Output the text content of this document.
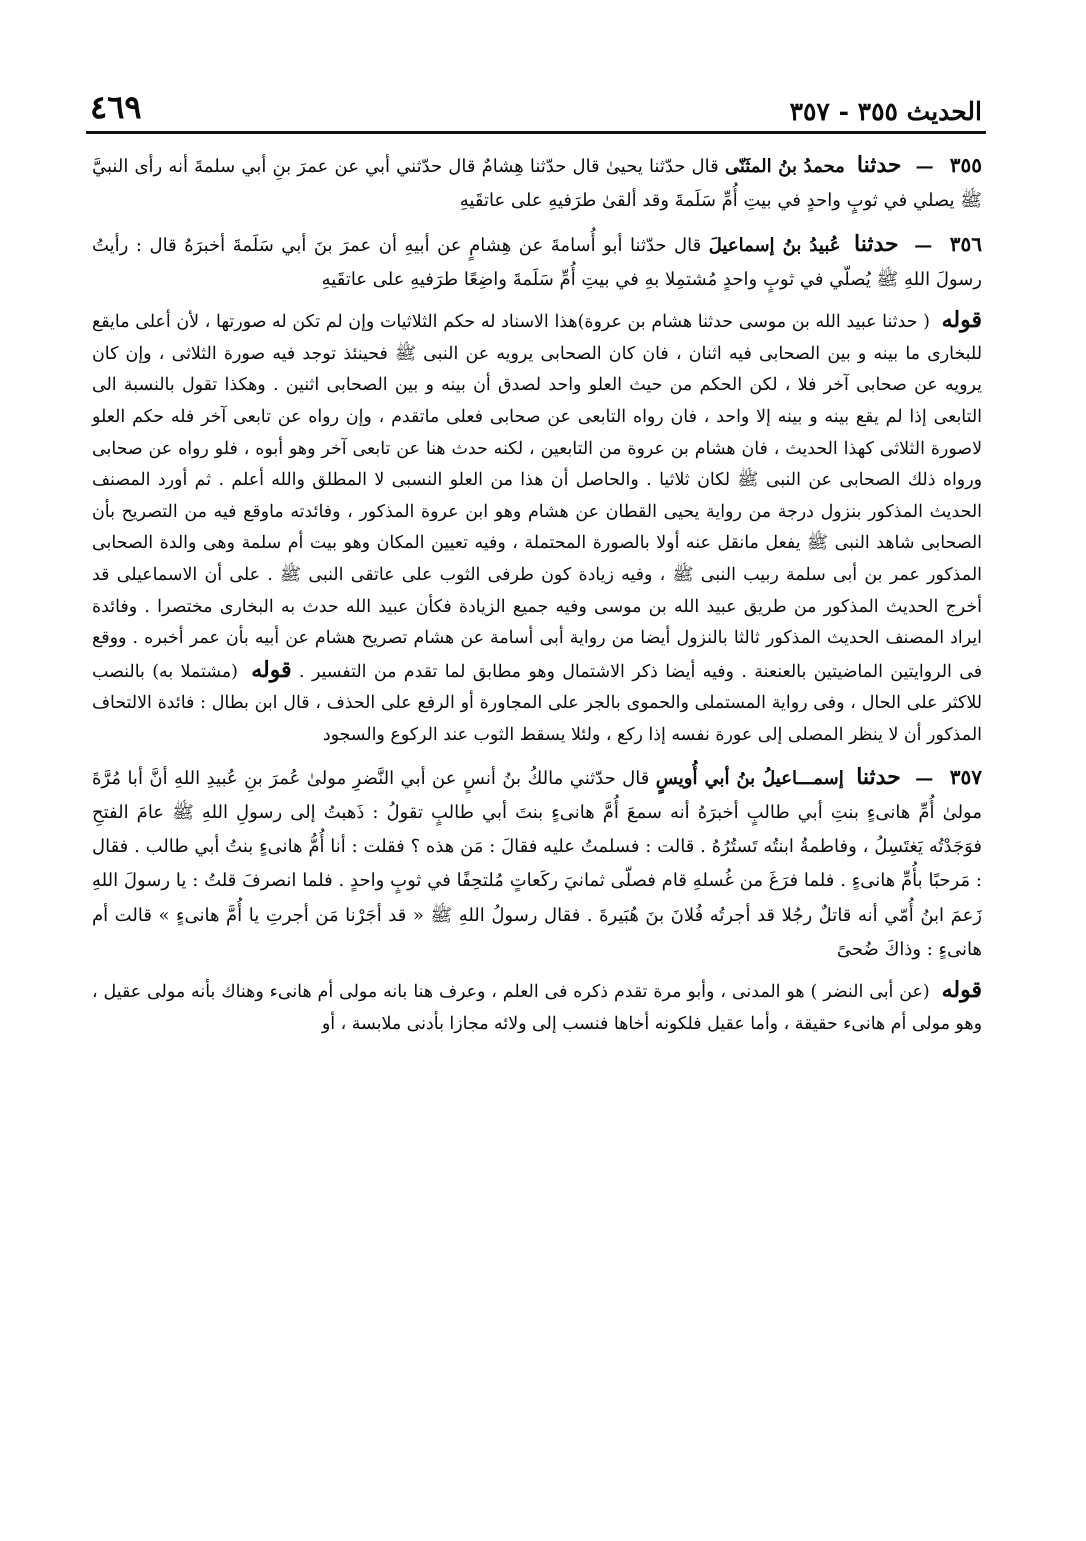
٤٦٩	الحديث ٣٥٥ - ٣٥٧

٣٥٥ — حدثنا محمدُ بنُ المثَنّى قال حدّثنا يحيىٰ قال حدّثنا هِشامٌ قال حدّثني أبي عن عمرَ بنِ أبي سلمةَ أنه رأى النبيَّ ﷺ يصلي في ثوبٍ واحدٍ في بيتِ أُمِّ سَلَمةَ وقد ألقىٰ طرَفيهِ على عاتقَيهِ

٣٥٦ — حدثنا عُبيدُ بنُ إسماعيلَ قال حدّثنا أبو أُسامةَ عن هِشامٍ عن أبيهِ أن عمرَ بنَ أبي سَلَمةَ أخبرَهُ قال : رأيتُ رسولَ اللهِ ﷺ يُصلّي في ثوبٍ واحدٍ مُشتمِلا بهِ في بيتِ أُمِّ سَلَمةَ واضِعًا طرَفيهِ على عاتقَيهِ

قوله ( حدثنا عبيد الله بن موسى حدثنا هشام بن عروة)هذا الاسناد له حكم الثلاثيات وإن لم تكن له صورتها ، لأن أعلى مايقع للبخارى ما بينه و بين الصحابى فيه اثنان ، فان كان الصحابى يرويه عن النبى ﷺ فحينئذ توجد فيه صورة الثلاثى ، وإن كان يرويه عن صحابى آخر فلا ، لكن الحكم من حيث العلو واحد لصدق أن بينه و بين الصحابى اثنين . وهكذا تقول بالنسبة الى التابعى إذا لم يقع بينه و بينه إلا واحد ، فان رواه التابعى عن صحابى فعلى ماتقدم ، وإن رواه عن تابعى آخر فله حكم العلو لاصورة الثلاثى كهذا الحديث ، فان هشام بن عروة من التابعين ، لكنه حدث هنا عن تابعى آخر وهو أبوه ، فلو رواه عن صحابى ورواه ذلك الصحابى عن النبى ﷺ لكان ثلاثيا . والحاصل أن هذا من العلو النسبى لا المطلق والله أعلم . ثم أورد المصنف الحديث المذكور بنزول درجة من رواية يحيى القطان عن هشام وهو ابن عروة المذكور ، وفائدته ماوقع فيه من التصريح بأن الصحابى شاهد النبى ﷺ يفعل مانقل عنه أولا بالصورة المحتملة ، وفيه تعيين المكان وهو بيت أم سلمة وهى والدة الصحابى المذكور عمر بن أبى سلمة ربيب النبى ﷺ ، وفيه زيادة كون طرفى الثوب على عاتقى النبى ﷺ . على أن الاسماعيلى قد أخرج الحديث المذكور من طريق عبيد الله بن موسى وفيه جميع الزيادة فكأن عبيد الله حدث به البخارى مختصرا . وفائدة ايراد المصنف الحديث المذكور ثالثا بالنزول أيضا من رواية أبى أسامة عن هشام تصريح هشام عن أبيه بأن عمر أخبره . ووقع فى الروايتين الماضيتين بالعنعنة . وفيه أيضا ذكر الاشتمال وهو مطابق لما تقدم من التفسير . قوله (مشتملا به) بالنصب للاكثر على الحال ، وفى رواية المستملى والحموى بالجر على المجاورة أو الرفع على الحذف ، قال ابن بطال : فائدة الالتحاف المذكور أن لا ينظر المصلى إلى عورة نفسه إذا ركع ، ولئلا يسقط الثوب عند الركوع والسجود

٣٥٧ — حدثنا إسمـــاعيلُ بنُ أبي أُويسٍ قال حدّثني مالكُ بنُ أنسٍ عن أبي النَّضرِ مولىٰ عُمرَ بنِ عُبيدِ اللهِ أنَّ أبا مُرَّةَ مولىٰ أُمِّ هانىءٍ بنتِ أبي طالبٍ أخبرَهُ أنه سمعَ أُمَّ هانىءٍ بنتَ أبي طالبٍ تقولُ : ذَهبتُ إلى رسولِ اللهِ ﷺ عامَ الفتحِ فوَجَدْتُه يَغتَسِلُ ، وفاطمةُ ابنتُه تَستُرُهُ . قالت : فسلمتُ عليه فقالَ : مَن هذه ؟ فقلت : أنا أُمُّ هانىءٍ بنتُ أبي طالب . فقال : مَرحبًا بأُمِّ هانىءٍ . فلما فرَغَ من غُسلهِ قام فصلّى ثمانيَ ركَعاتٍ مُلتحِفًا في ثوبٍ واحدٍ . فلما انصرفَ قلتُ : يا رسولَ اللهِ زَعمَ ابنُ أُمّي أنه قاتلٌ رجُلا قد أجرتُه فُلانَ بنَ هُبَيرةَ . فقال رسولُ اللهِ ﷺ « قد أجَرْنا مَن أجرتِ يا أُمَّ هانىءٍ » قالت أم هانىءٍ : وذاكَ ضُحىً

قوله (عن أبى النضر ) هو المدنى ، وأبو مرة تقدم ذكره فى العلم ، وعرف هنا بانه مولى أم هانىء وهناك بأنه مولى عقيل ، وهو مولى أم هانىء حقيقة ، وأما عقيل فلكونه أخاها فنسب إلى ولائه مجازا بأدنى ملابسة ، أو
